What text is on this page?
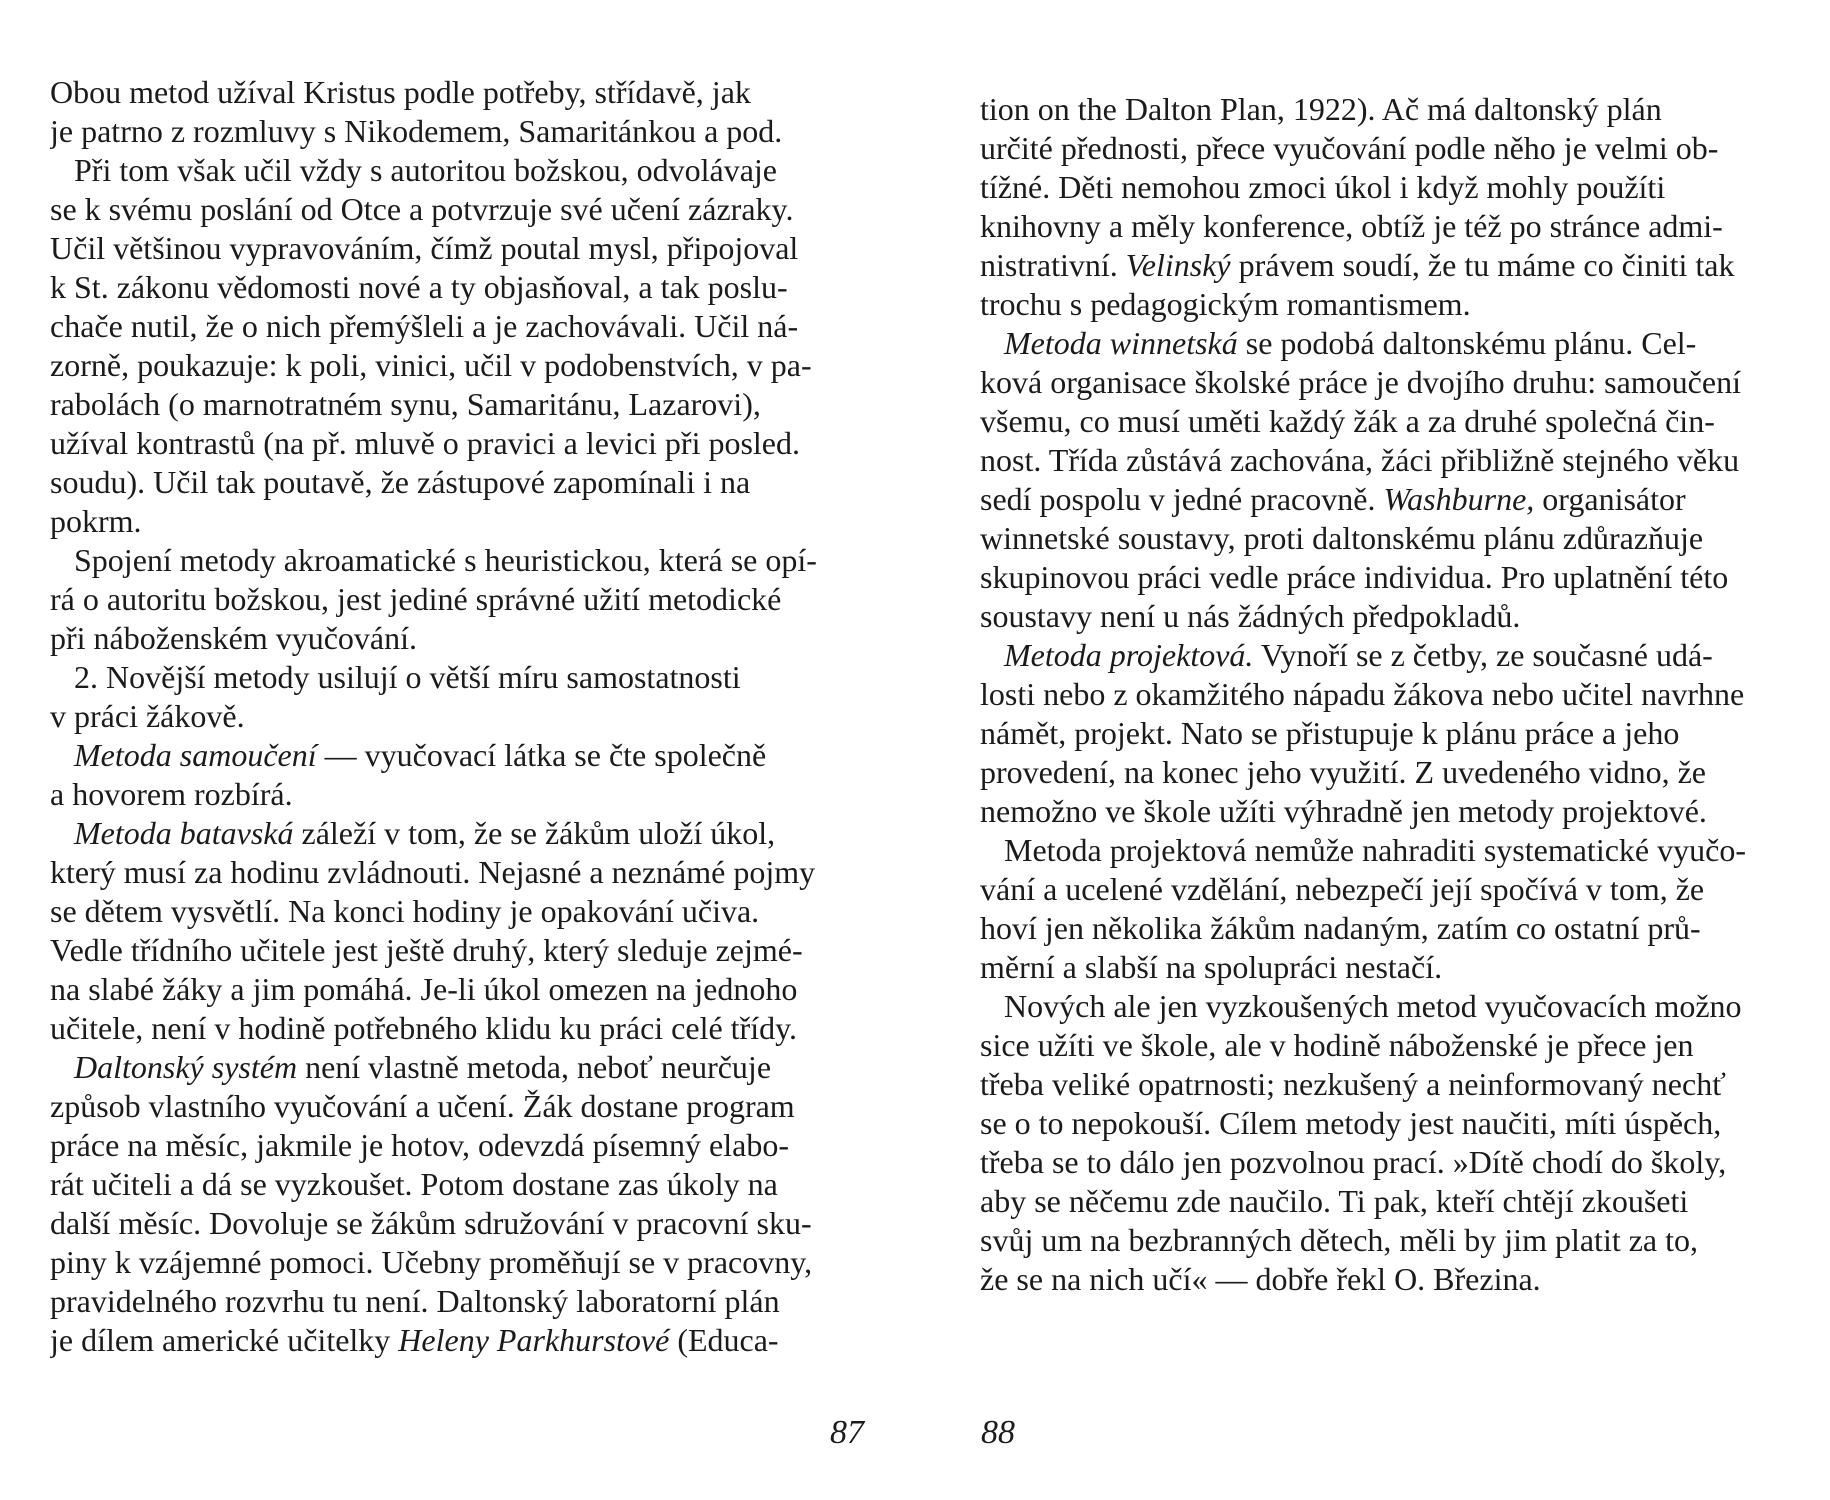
Obou metod užíval Kristus podle potřeby, střídavě, jak
je patrno z rozmluvy s Nikodemem, Samaritánkou a pod.
Při tom však učil vždy s autoritou božskou, odvolávaje
se k svému poslání od Otce a potvrzuje své učení zázraky.
Učil většinou vypravováním, čímž poutal mysl, připojoval
k St. zákonu vědomosti nové a ty objasňoval, a tak poslu-
chače nutil, že o nich přemýšleli a je zachovávali. Učil ná-
zorně, poukazuje: k poli, vinici, učil v podobenstvích, v pa-
rabolách (o marnotratném synu, Samaritánu, Lazarovi),
užíval kontrastů (na př. mluvě o pravici a levici při posled.
soudu). Učil tak poutavě, že zástupové zapomínali i na
pokrm.
Spojení metody akroamatické s heuristickou, která se opí-
rá o autoritu božskou, jest jediné správné užití metodické
při náboženském vyučování.
2. Novější metody usilují o větší míru samostatnosti
v práci žákově.
Metoda samoučení — vyučovací látka se čte společně
a hovorem rozbírá.
Metoda batavská záleží v tom, že se žákům uloží úkol,
který musí za hodinu zvládnouti. Nejasné a neznámé pojmy
se dětem vysvětlí. Na konci hodiny je opakování učiva.
Vedle třídního učitele jest ještě druhý, který sleduje zejmé-
na slabé žáky a jim pomáhá. Je-li úkol omezen na jednoho
učitele, není v hodině potřebného klidu ku práci celé třídy.
Daltonský systém není vlastně metoda, neboť neurčuje
způsob vlastního vyučování a učení. Žák dostane program
práce na měsíc, jakmile je hotov, odevzdá písemný elabo-
rát učiteli a dá se vyzkoušet. Potom dostane zas úkoly na
další měsíc. Dovoluje se žákům sdružování v pracovní sku-
piny k vzájemné pomoci. Učebny proměňují se v pracovny,
pravidelného rozvrhu tu není. Daltonský laboratorní plán
je dílem americké učitelky Heleny Parkhurstové (Educa-
87
tion on the Dalton Plan, 1922). Ač má daltonský plán
určité přednosti, přece vyučování podle něho je velmi ob-
tížné. Děti nemohou zmoci úkol i když mohly použíti
knihovny a měly konference, obtíž je též po stránce admi-
nistrativní. Velinský právem soudí, že tu máme co činiti tak
trochu s pedagogickým romantismem.
Metoda winnetská se podobá daltonskému plánu. Cel-
ková organisace školské práce je dvojího druhu: samoučení
všemu, co musí uměti každý žák a za druhé společná čin-
nost. Třída zůstává zachována, žáci přibližně stejného věku
sedí pospolu v jedné pracovně. Washburne, organisátor
winnetské soustavy, proti daltonskému plánu zdůrazňuje
skupinovou práci vedle práce individua. Pro uplatnění této
soustavy není u nás žádných předpokladů.
Metoda projektová. Vynoří se z četby, ze současné udá-
losti nebo z okamžitého nápadu žákova nebo učitel navrhne
námět, projekt. Nato se přistupuje k plánu práce a jeho
provedení, na konec jeho využití. Z uvedeného vidno, že
nemožno ve škole užíti výhradně jen metody projektové.
Metoda projektová nemůže nahraditi systematické vyučo-
vání a ucelené vzdělání, nebezpečí její spočívá v tom, že
hoví jen několika žákům nadaným, zatím co ostatní prů-
měrní a slabší na spolupráci nestačí.
Nových ale jen vyzkoušených metod vyučovacích možno
sice užíti ve škole, ale v hodině náboženské je přece jen
třeba veliké opatrnosti; nezkušený a neinformovaný nechť
se o to nepokouší. Cílem metody jest naučiti, míti úspěch,
třeba se to dálo jen pozvolnou prací. »Dítě chodí do školy,
aby se něčemu zde naučilo. Ti pak, kteří chtějí zkoušeti
svůj um na bezbranných dětech, měli by jim platit za to,
že se na nich učí« — dobře řekl O. Březina.
88
